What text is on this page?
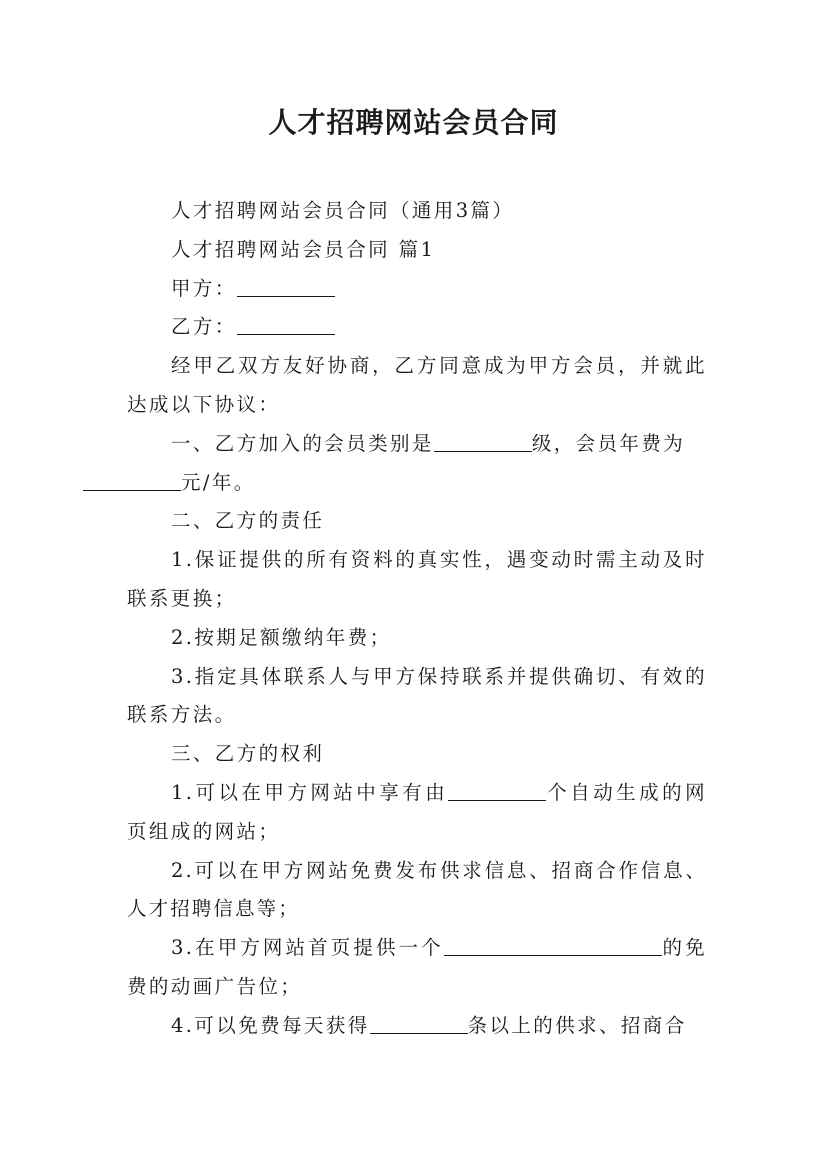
人才招聘网站会员合同

人才招聘网站会员合同（通用3篇）

人才招聘网站会员合同 篇1

甲方：

乙方：

经甲乙双方友好协商，乙方同意成为甲方会员，并就此达成以下协议：

一、乙方加入的会员类别是	级，会员年费为
元/年。

二、乙方的责任

1.保证提供的所有资料的真实性，遇变动时需主动及时联系更换；

2.按期足额缴纳年费；

3.指定具体联系人与甲方保持联系并提供确切、有效的联系方法。

三、乙方的权利

1.可以在甲方网站中享有由	个自动生成的网页组成的网站；

2.可以在甲方网站免费发布供求信息、招商合作信息、人才招聘信息等；

3.在甲方网站首页提供一个	的免费的动画广告位；

4.可以免费每天获得	条以上的供求、招商合
